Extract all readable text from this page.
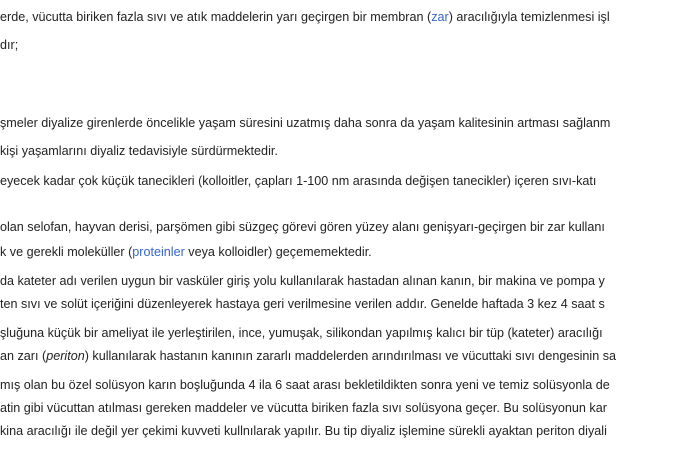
erde, vücutta biriken fazla sıvı ve atık maddelerin yarı geçirgen bir membran (zar) aracılığıyla temizlenmesi işl
dır;
şmeler diyalize girenlerde öncelikle yaşam süresini uzatmış daha sonra da yaşam kalitesinin artması sağlanm
kişi yaşamlarını diyaliz tedavisiyle sürdürmektedir.
eyecek kadar çok küçük tanecikleri (kolloitler, çapları 1-100 nm arasında değişen tanecikler) içeren sıvı-katı
olan selofan, hayvan derisi, parşömen gibi süzgeç görevi gören yüzey alanı genişyarı-geçirgen bir zar kullanı
k ve gerekli moleküller (proteinler veya kolloidler) geçememektedir.
da kateter adı verilen uygun bir vasküler giriş yolu kullanılarak hastadan alınan kanın, bir makina ve pompa y
ten sıvı ve solüt içeriğini düzenleyerek hastaya geri verilmesine verilen addır. Genelde haftada 3 kez 4 saat s
şluğuna küçük bir ameliyat ile yerleştirilen, ince, yumuşak, silikondan yapılmış kalıcı bir tüp (kateter) aracılığı
an zarı (periton) kullanılarak hastanın kanının zararlı maddelerden arındırılması ve vücuttaki sıvı dengesinin sa
mış olan bu özel solüsyon karın boşluğunda 4 ila 6 saat arası bekletildikten sonra yeni ve temiz solüsyonla de
atin gibi vücuttan atılması gereken maddeler ve vücutta biriken fazla sıvı solüsyona geçer. Bu solüsyonun kar
kina aracılığı ile değil yer çekimi kuvveti kullnılarak yapılır. Bu tip diyaliz işlemine sürekli ayaktan periton diyali
